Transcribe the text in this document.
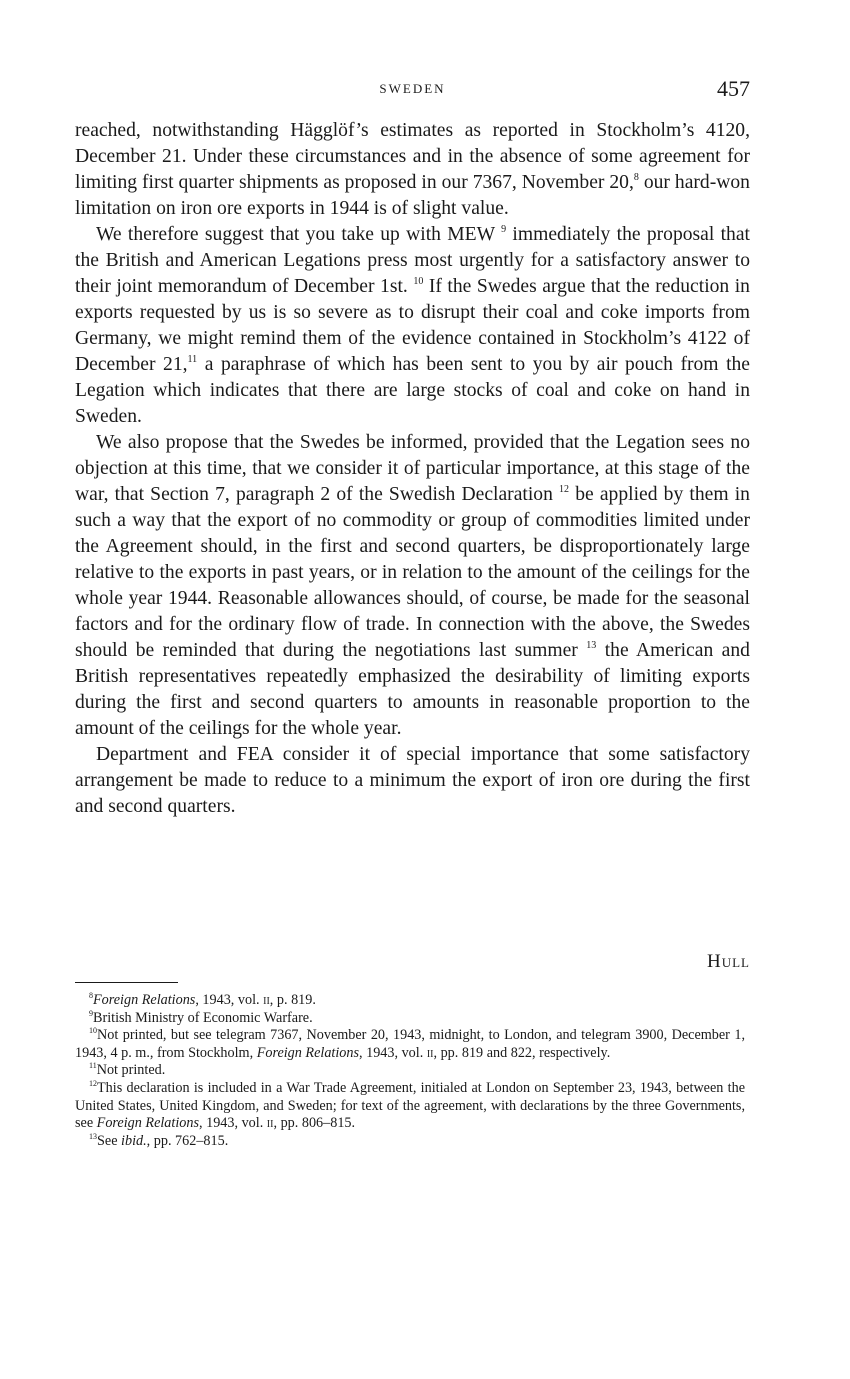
SWEDEN	457

reached, notwithstanding Hägglöf’s estimates as reported in Stockholm’s 4120, December 21. Under these circumstances and in the absence of some agreement for limiting first quarter shipments as proposed in our 7367, November 20,$^8$ our hard-won limitation on iron ore exports in 1944 is of slight value.

We therefore suggest that you take up with MEW $^9$ immediately the proposal that the British and American Legations press most urgently for a satisfactory answer to their joint memorandum of December 1st. $^{10}$ If the Swedes argue that the reduction in exports requested by us is so severe as to disrupt their coal and coke imports from Germany, we might remind them of the evidence contained in Stockholm’s 4122 of December 21,11 a paraphrase of which has been sent to you by air pouch from the Legation which indicates that there are large stocks of coal and coke on hand in Sweden.

We also propose that the Swedes be informed, provided that the Legation sees no objection at this time, that we consider it of particular importance, at this stage of the war, that Section 7, paragraph 2 of the Swedish Declaration $^{12}$ be applied by them in such a way that the export of no commodity or group of commodities limited under the Agreement should, in the first and second quarters, be disproportionately large relative to the exports in past years, or in relation to the amount of the ceilings for the whole year 1944. Reasonable allowances should, of course, be made for the seasonal factors and for the ordinary flow of trade. In connection with the above, the Swedes should be reminded that during the negotiations last summer $^{13}$ the American and British representatives repeatedly emphasized the desirability of limiting exports during the first and second quarters to amounts in reasonable proportion to the amount of the ceilings for the whole year.

Department and FEA consider it of special importance that some satisfactory arrangement be made to reduce to a minimum the export of iron ore during the first and second quarters.

Hull

$^8$Foreign Relations, 1943, vol. ii, p. 819.

$^9$British Ministry of Economic Warfare.

$^{10}$Not printed, but see telegram 7367, November 20, 1943, midnight, to London, and telegram 3900, December 1, 1943, 4 p. m., from Stockholm, Foreign Relations, 1943, vol. ii, pp. 819 and 822, respectively.

$^{11}$Not printed.

$^{12}$This declaration is included in a War Trade Agreement, initialed at London on September 23, 1943, between the United States, United Kingdom, and Sweden; for text of the agreement, with declarations by the three Governments, see Foreign Relations, 1943, vol. ii, pp. 806–815.

$^{13}$See ibid., pp. 762–815.
